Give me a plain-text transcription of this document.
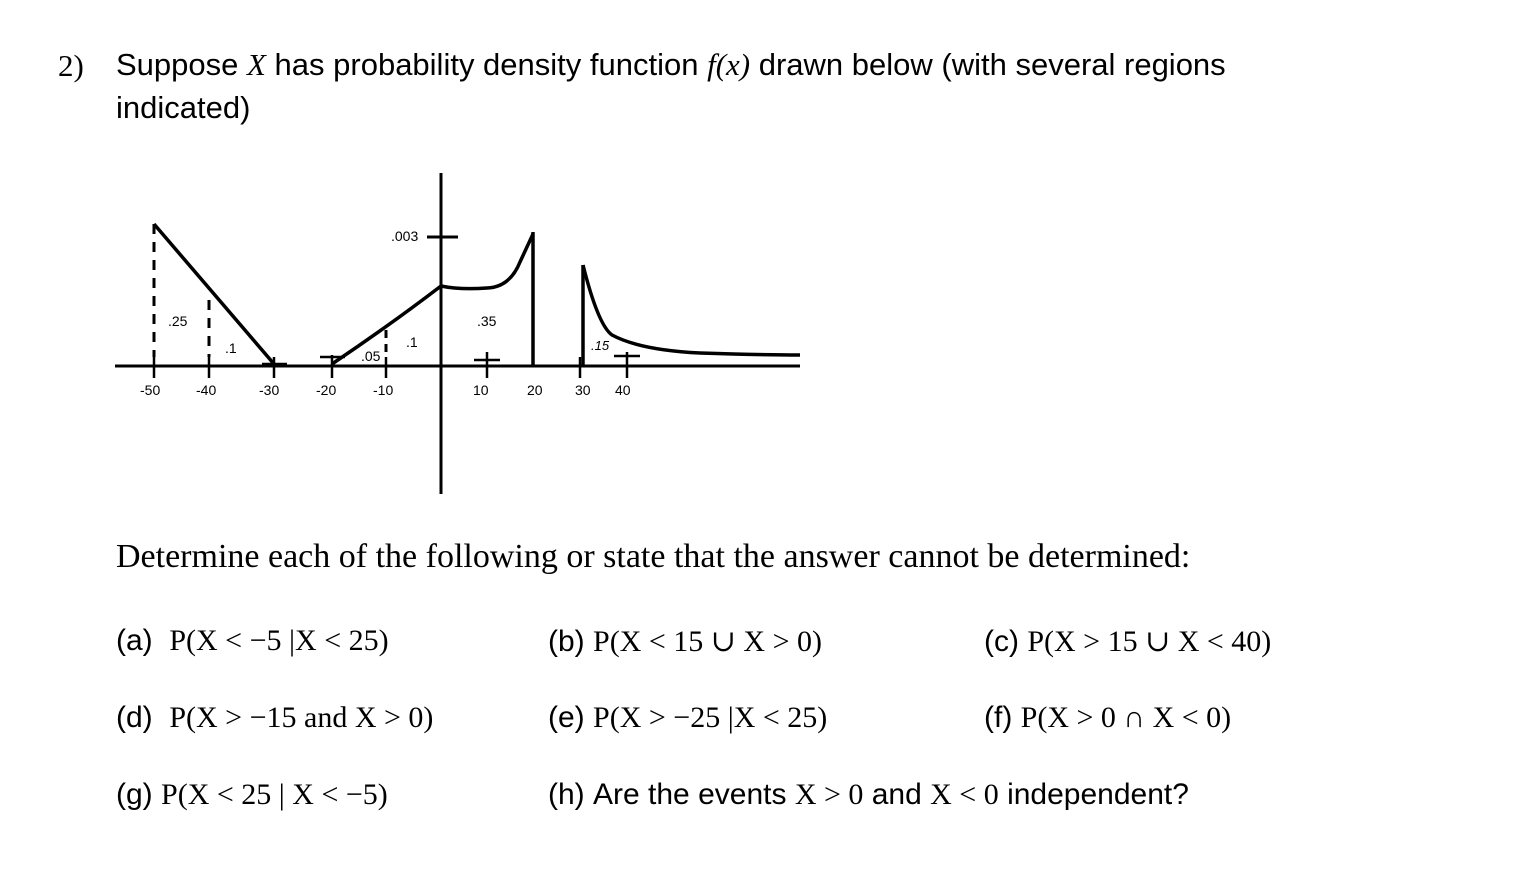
2) Suppose X has probability density function f(x) drawn below (with several regions
indicated)
.003
-50	-40	-30	-20	-10	10	20 30 40
.25
.1	.05
.1
.35
.15
Determine each of the following or state that the answer cannot be determined:
(a) P(X < −5 |X < 25)	(b) P(X < 15 ∪ X > 0)	(c) P(X > 15 ∪ X < 40)
(d) P(X > −15 and X > 0)	(e) P(X > −25 |X < 25)	(f) P(X > 0 ∩ X < 0)
(g) P(X < 25 | X < −5)	(h) Are the events X > 0 and X < 0 independent?
